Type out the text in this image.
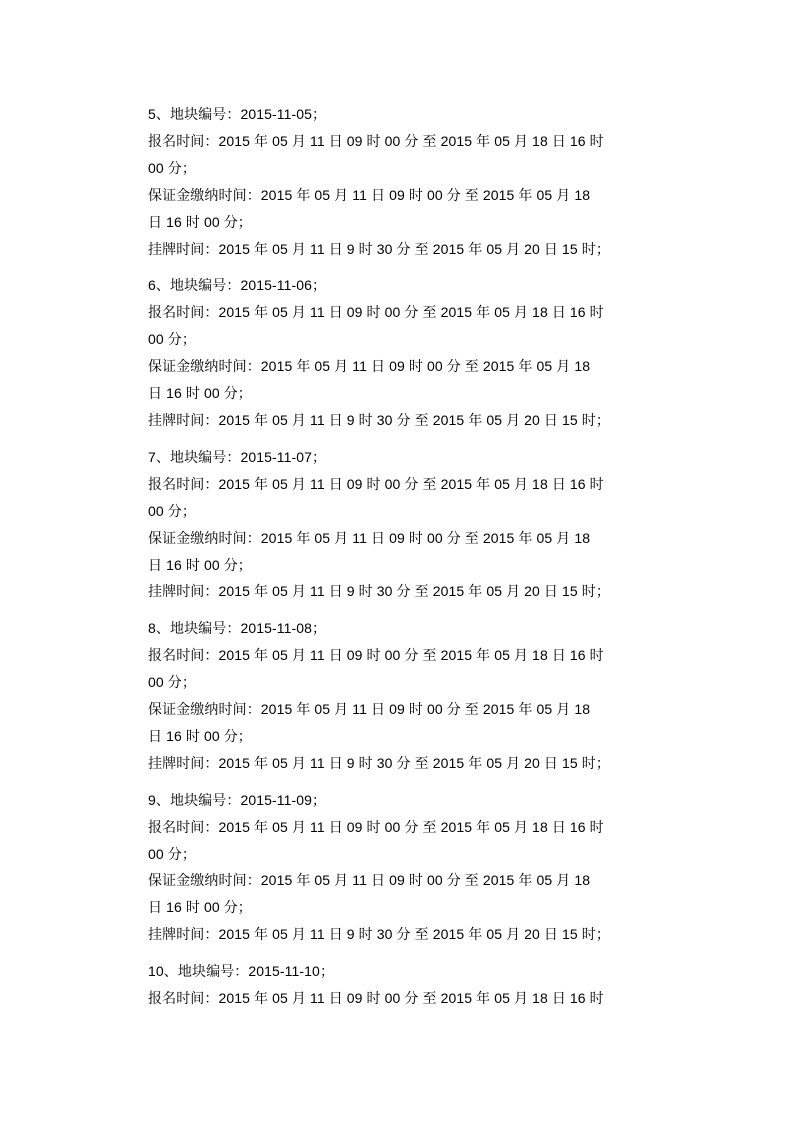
5、地块编号：2015-11-05；
报名时间：2015 年 05 月 11 日 09 时 00 分 至 2015 年 05 月 18 日 16 时
00 分；
保证金缴纳时间：2015 年 05 月 11 日 09 时 00 分 至 2015 年 05 月 18
日 16 时 00 分；
挂牌时间：2015 年 05 月 11 日 9 时 30 分 至 2015 年 05 月 20 日 15 时；
6、地块编号：2015-11-06；
报名时间：2015 年 05 月 11 日 09 时 00 分 至 2015 年 05 月 18 日 16 时
00 分；
保证金缴纳时间：2015 年 05 月 11 日 09 时 00 分 至 2015 年 05 月 18
日 16 时 00 分；
挂牌时间：2015 年 05 月 11 日 9 时 30 分 至 2015 年 05 月 20 日 15 时；
7、地块编号：2015-11-07；
报名时间：2015 年 05 月 11 日 09 时 00 分 至 2015 年 05 月 18 日 16 时
00 分；
保证金缴纳时间：2015 年 05 月 11 日 09 时 00 分 至 2015 年 05 月 18
日 16 时 00 分；
挂牌时间：2015 年 05 月 11 日 9 时 30 分 至 2015 年 05 月 20 日 15 时；
8、地块编号：2015-11-08；
报名时间：2015 年 05 月 11 日 09 时 00 分 至 2015 年 05 月 18 日 16 时
00 分；
保证金缴纳时间：2015 年 05 月 11 日 09 时 00 分 至 2015 年 05 月 18
日 16 时 00 分；
挂牌时间：2015 年 05 月 11 日 9 时 30 分 至 2015 年 05 月 20 日 15 时；
9、地块编号：2015-11-09；
报名时间：2015 年 05 月 11 日 09 时 00 分 至 2015 年 05 月 18 日 16 时
00 分；
保证金缴纳时间：2015 年 05 月 11 日 09 时 00 分 至 2015 年 05 月 18
日 16 时 00 分；
挂牌时间：2015 年 05 月 11 日 9 时 30 分 至 2015 年 05 月 20 日 15 时；
10、地块编号：2015-11-10；
报名时间：2015 年 05 月 11 日 09 时 00 分 至 2015 年 05 月 18 日 16 时
